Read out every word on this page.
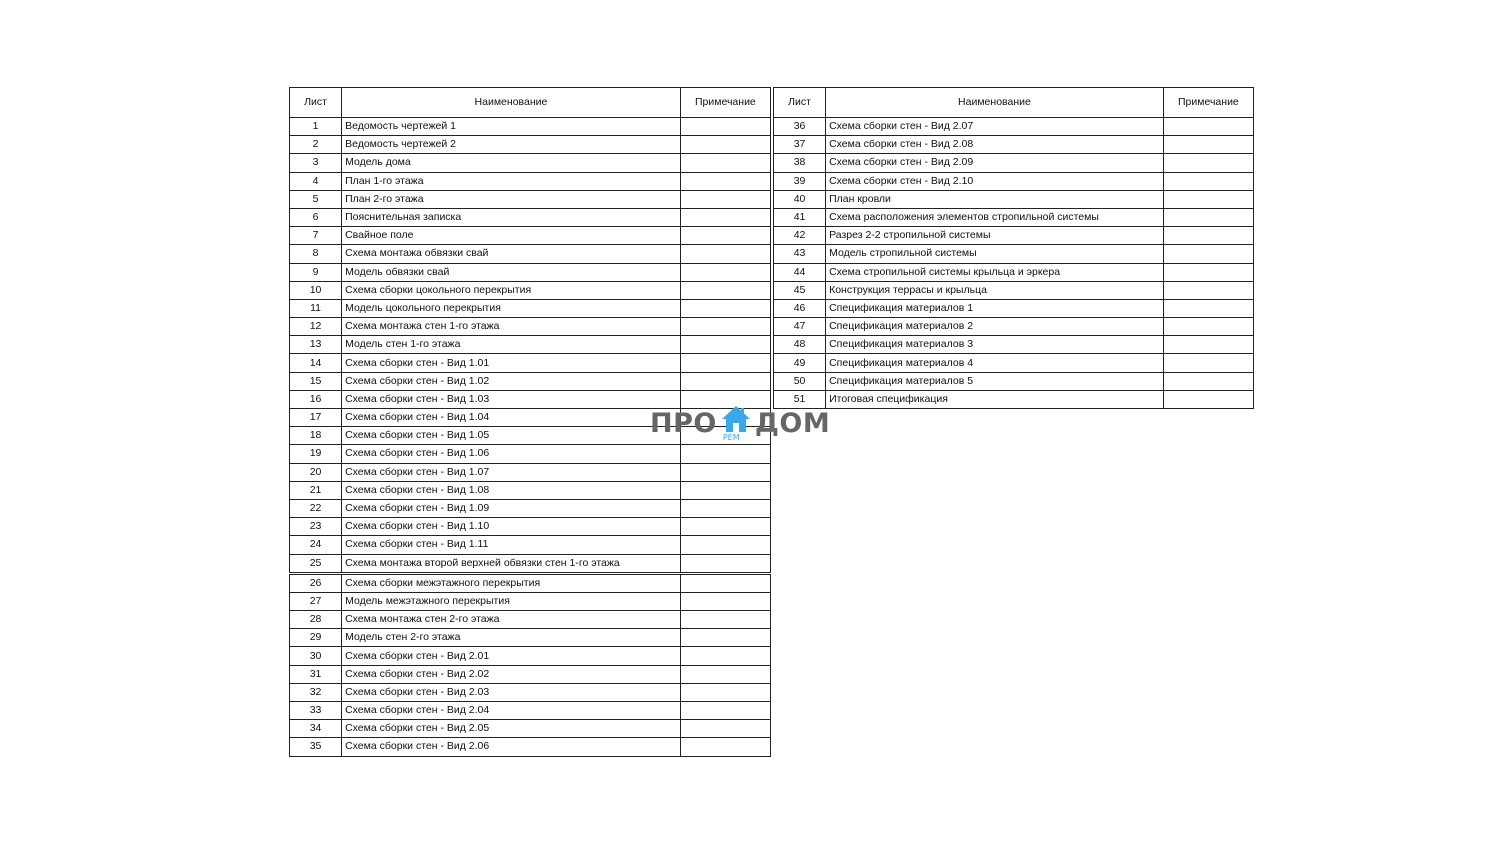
Лист	Наименование	Примечание
1	Ведомость чертежей 1	
2	Ведомость чертежей 2	
3	Модель дома	
4	План 1-го этажа	
5	План 2-го этажа	
6	Пояснительная записка	
7	Свайное поле	
8	Схема монтажа обвязки свай	
9	Модель обвязки свай	
10	Схема сборки цокольного перекрытия	
11	Модель цокольного перекрытия	
12	Схема монтажа стен 1-го этажа	
13	Модель стен 1-го этажа	
14	Схема сборки стен - Вид 1.01	
15	Схема сборки стен - Вид 1.02	
16	Схема сборки стен - Вид 1.03	
17	Схема сборки стен - Вид 1.04	
18	Схема сборки стен - Вид 1.05	
19	Схема сборки стен - Вид 1.06	
20	Схема сборки стен - Вид 1.07	
21	Схема сборки стен - Вид 1.08	
22	Схема сборки стен - Вид 1.09	
23	Схема сборки стен - Вид 1.10	
24	Схема сборки стен - Вид 1.11	
25	Схема монтажа второй верхней обвязки стен 1-го этажа	
26	Схема сборки межэтажного перекрытия	
27	Модель межэтажного перекрытия	
28	Схема монтажа стен 2-го этажа	
29	Модель стен 2-го этажа	
30	Схема сборки стен - Вид 2.01	
31	Схема сборки стен - Вид 2.02	
32	Схема сборки стен - Вид 2.03	
33	Схема сборки стен - Вид 2.04	
34	Схема сборки стен - Вид 2.05	
35	Схема сборки стен - Вид 2.06	
Лист	Наименование	Примечание
36	Схема сборки стен - Вид 2.07	
37	Схема сборки стен - Вид 2.08	
38	Схема сборки стен - Вид 2.09	
39	Схема сборки стен - Вид 2.10	
40	План кровли	
41	Схема расположения элементов стропильной системы	
42	Разрез 2-2 стропильной системы	
43	Модель стропильной системы	
44	Схема стропильной системы крыльца и эркера	
45	Конструкция террасы и крыльца	
46	Спецификация материалов 1	
47	Спецификация материалов 2	
48	Спецификация материалов 3	
49	Спецификация материалов 4	
50	Спецификация материалов 5	
51	Итоговая спецификация	
ПРО РЕМ ДОМ
